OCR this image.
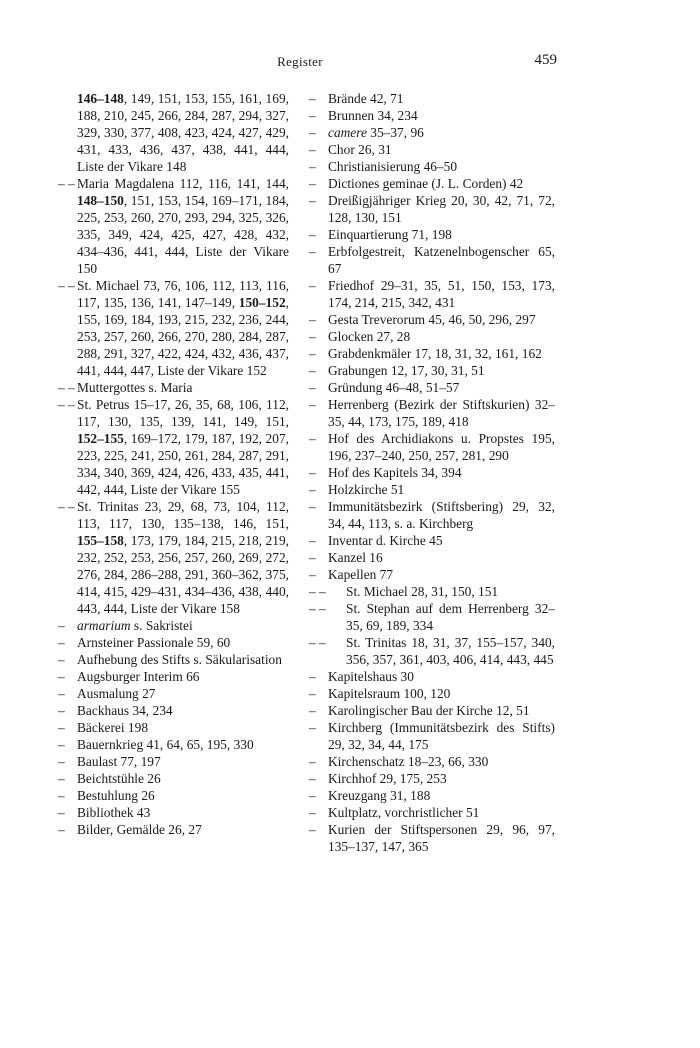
Register	459
146–148, 149, 151, 153, 155, 161, 169, 188, 210, 245, 266, 284, 287, 294, 327, 329, 330, 377, 408, 423, 424, 427, 429, 431, 433, 436, 437, 438, 441, 444, Liste der Vikare 148
– – Maria Magdalena 112, 116, 141, 144, 148–150, 151, 153, 154, 169–171, 184, 225, 253, 260, 270, 293, 294, 325, 326, 335, 349, 424, 425, 427, 428, 432, 434–436, 441, 444, Liste der Vikare 150
– – St. Michael 73, 76, 106, 112, 113, 116, 117, 135, 136, 141, 147–149, 150–152, 155, 169, 184, 193, 215, 232, 236, 244, 253, 257, 260, 266, 270, 280, 284, 287, 288, 291, 327, 422, 424, 432, 436, 437, 441, 444, 447, Liste der Vikare 152
– – Muttergottes s. Maria
– – St. Petrus 15–17, 26, 35, 68, 106, 112, 117, 130, 135, 139, 141, 149, 151, 152–155, 169–172, 179, 187, 192, 207, 223, 225, 241, 250, 261, 284, 287, 291, 334, 340, 369, 424, 426, 433, 435, 441, 442, 444, Liste der Vikare 155
– – St. Trinitas 23, 29, 68, 73, 104, 112, 113, 117, 130, 135–138, 146, 151, 155–158, 173, 179, 184, 215, 218, 219, 232, 252, 253, 256, 257, 260, 269, 272, 276, 284, 286–288, 291, 360–362, 375, 414, 415, 429–431, 434–436, 438, 440, 443, 444, Liste der Vikare 158
– armarium s. Sakristei
– Arnsteiner Passionale 59, 60
– Aufhebung des Stifts s. Säkularisation
– Augsburger Interim 66
– Ausmalung 27
– Backhaus 34, 234
– Bäckerei 198
– Bauernkrieg 41, 64, 65, 195, 330
– Baulast 77, 197
– Beichtstühle 26
– Bestuhlung 26
– Bibliothek 43
– Bilder, Gemälde 26, 27
– Brände 42, 71
– Brunnen 34, 234
– camere 35–37, 96
– Chor 26, 31
– Christianisierung 46–50
– Dictiones geminae (J. L. Corden) 42
– Dreißigjähriger Krieg 20, 30, 42, 71, 72, 128, 130, 151
– Einquartierung 71, 198
– Erbfolgestreit, Katzenelnbogenscher 65, 67
– Friedhof 29–31, 35, 51, 150, 153, 173, 174, 214, 215, 342, 431
– Gesta Treverorum 45, 46, 50, 296, 297
– Glocken 27, 28
– Grabdenkmäler 17, 18, 31, 32, 161, 162
– Grabungen 12, 17, 30, 31, 51
– Gründung 46–48, 51–57
– Herrenberg (Bezirk der Stiftskurien) 32–35, 44, 173, 175, 189, 418
– Hof des Archidiakons u. Propstes 195, 196, 237–240, 250, 257, 281, 290
– Hof des Kapitels 34, 394
– Holzkirche 51
– Immunitätsbezirk (Stiftsbering) 29, 32, 34, 44, 113, s. a. Kirchberg
– Inventar d. Kirche 45
– Kanzel 16
– Kapellen 77
– – St. Michael 28, 31, 150, 151
– – St. Stephan auf dem Herrenberg 32–35, 69, 189, 334
– – St. Trinitas 18, 31, 37, 155–157, 340, 356, 357, 361, 403, 406, 414, 443, 445
– Kapitelshaus 30
– Kapitelsraum 100, 120
– Karolingischer Bau der Kirche 12, 51
– Kirchberg (Immunitätsbezirk des Stifts) 29, 32, 34, 44, 175
– Kirchenschatz 18–23, 66, 330
– Kirchhof 29, 175, 253
– Kreuzgang 31, 188
– Kultplatz, vorchristlicher 51
– Kurien der Stiftspersonen 29, 96, 97, 135–137, 147, 365
